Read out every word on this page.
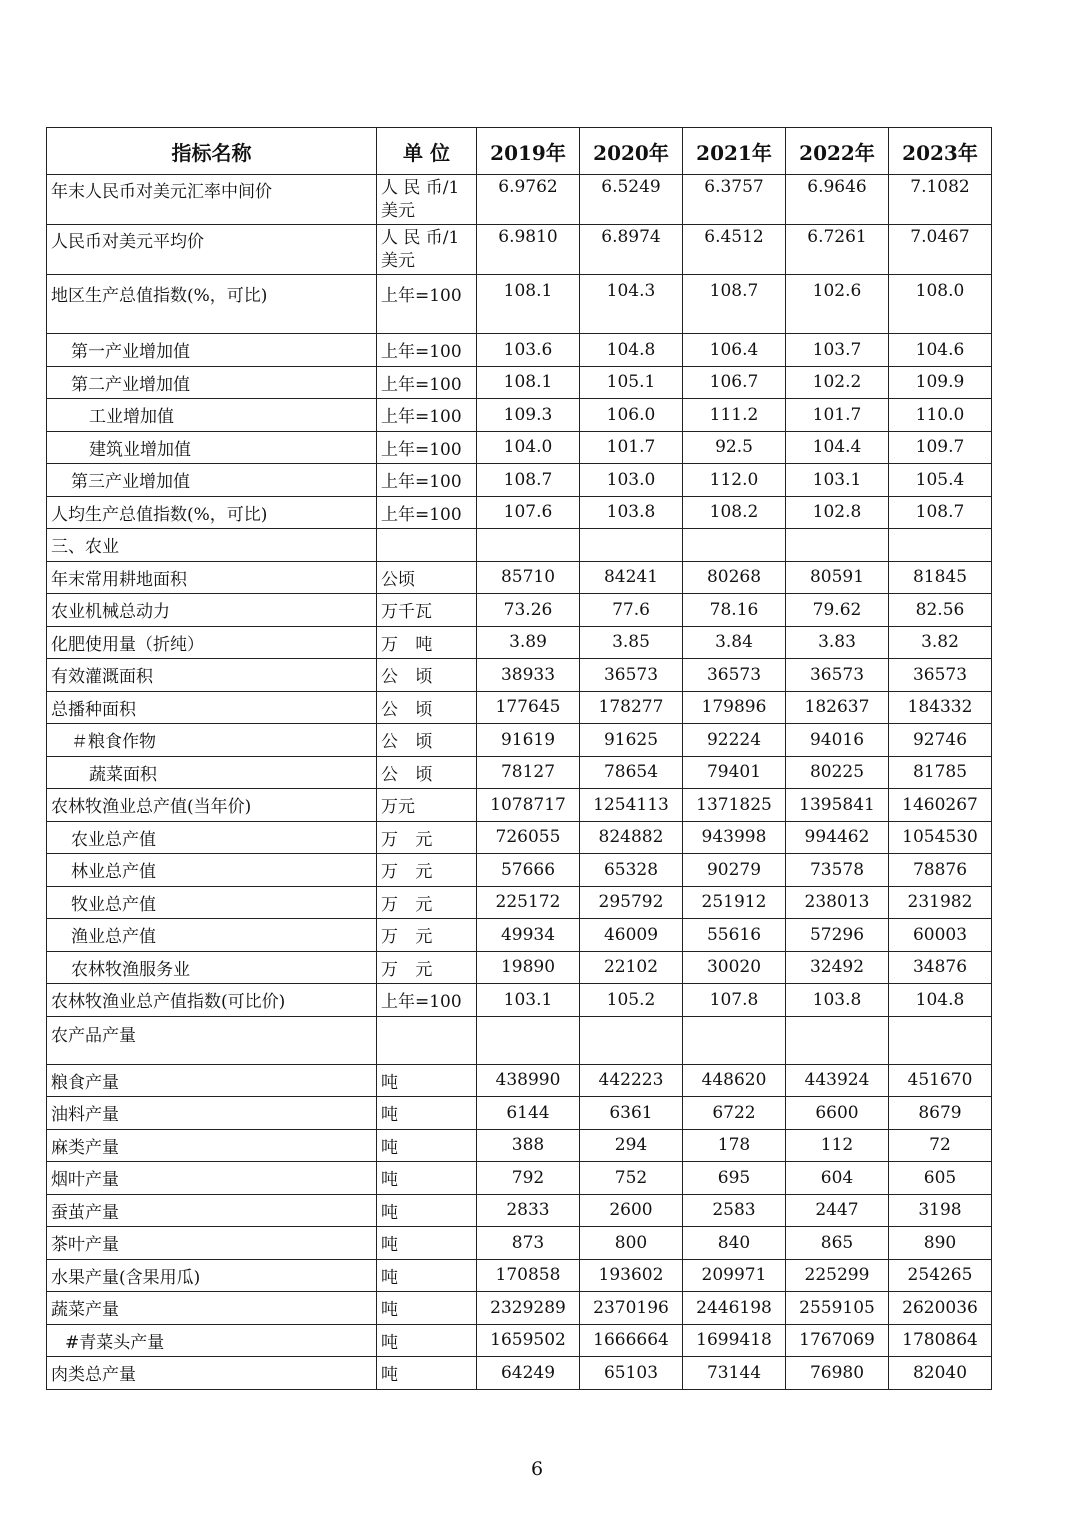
指标名称	单 位	2019年	2020年	2021年	2022年	2023年
年末人民币对美元汇率中间价	人 民 币/1美元	6.9762	6.5249	6.3757	6.9646	7.1082
人民币对美元平均价	人 民 币/1美元	6.9810	6.8974	6.4512	6.7261	7.0467
地区生产总值指数(%，可比)	上年=100	108.1	104.3	108.7	102.6	108.0
第一产业增加值	上年=100	103.6	104.8	106.4	103.7	104.6
第二产业增加值	上年=100	108.1	105.1	106.7	102.2	109.9
工业增加值	上年=100	109.3	106.0	111.2	101.7	110.0
建筑业增加值	上年=100	104.0	101.7	92.5	104.4	109.7
第三产业增加值	上年=100	108.7	103.0	112.0	103.1	105.4
人均生产总值指数(%，可比)	上年=100	107.6	103.8	108.2	102.8	108.7
三、农业						
年末常用耕地面积	公顷	85710	84241	80268	80591	81845
农业机械总动力	万千瓦	73.26	77.6	78.16	79.62	82.56
化肥使用量（折纯）	万 吨	3.89	3.85	3.84	3.83	3.82
有效灌溉面积	公 顷	38933	36573	36573	36573	36573
总播种面积	公 顷	177645	178277	179896	182637	184332
＃粮食作物	公 顷	91619	91625	92224	94016	92746
蔬菜面积	公 顷	78127	78654	79401	80225	81785
农林牧渔业总产值(当年价)	万元	1078717	1254113	1371825	1395841	1460267
农业总产值	万 元	726055	824882	943998	994462	1054530
林业总产值	万 元	57666	65328	90279	73578	78876
牧业总产值	万 元	225172	295792	251912	238013	231982
渔业总产值	万 元	49934	46009	55616	57296	60003
农林牧渔服务业	万 元	19890	22102	30020	32492	34876
农林牧渔业总产值指数(可比价)	上年=100	103.1	105.2	107.8	103.8	104.8
农产品产量						
粮食产量	吨	438990	442223	448620	443924	451670
油料产量	吨	6144	6361	6722	6600	8679
麻类产量	吨	388	294	178	112	72
烟叶产量	吨	792	752	695	604	605
蚕茧产量	吨	2833	2600	2583	2447	3198
茶叶产量	吨	873	800	840	865	890
水果产量(含果用瓜)	吨	170858	193602	209971	225299	254265
蔬菜产量	吨	2329289	2370196	2446198	2559105	2620036
#青菜头产量	吨	1659502	1666664	1699418	1767069	1780864
肉类总产量	吨	64249	65103	73144	76980	82040
6
